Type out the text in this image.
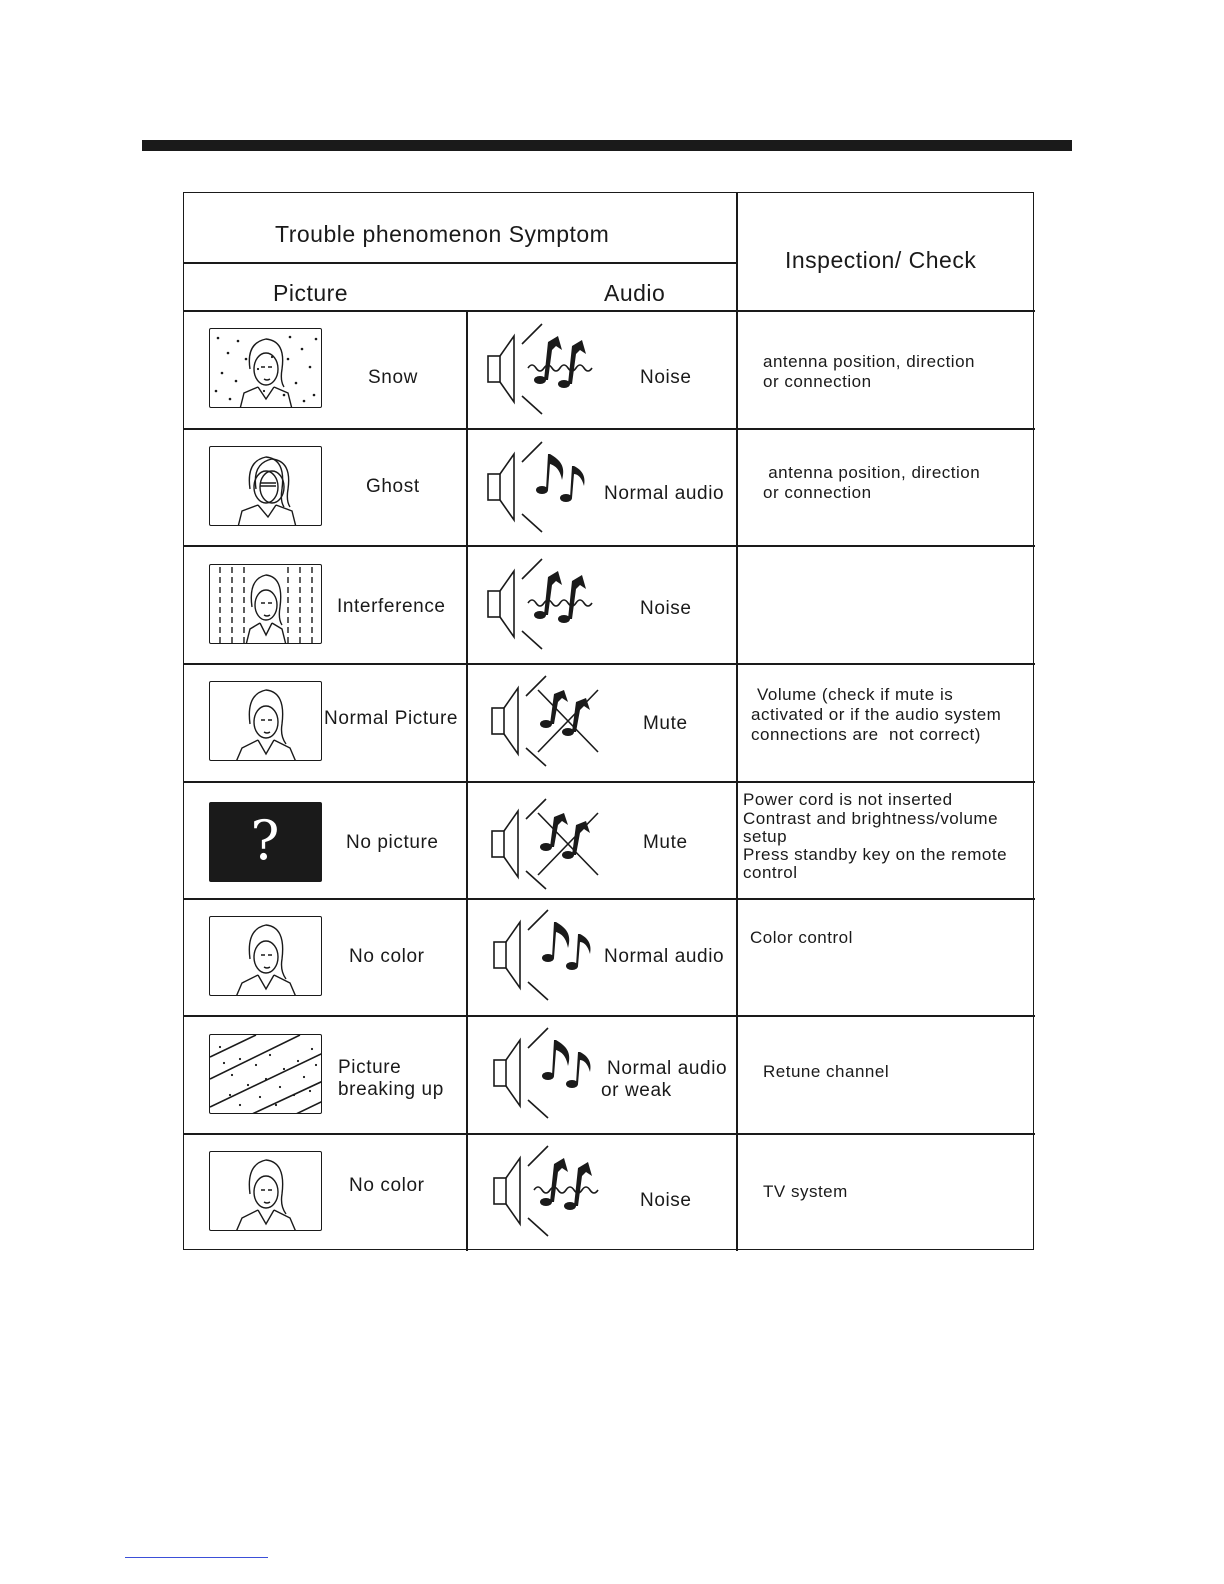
Trouble phenomenon Symptom
Picture	Audio
Inspection/ Check
Snow
Ghost
Interference
Normal Picture
?	No picture
No color
Picture
breaking up
No color
Noise
Normal audio
Noise
Mute
Mute
Normal audio
Normal audio
or weak
Noise
antenna position, direction
or connection
antenna position, direction
or connection
Volume (check if mute is
activated or if the audio system
connections are  not correct)
Power cord is not inserted
Contrast and brightness/volume
setup
Press standby key on the remote
control
Color control
Retune channel
TV system
